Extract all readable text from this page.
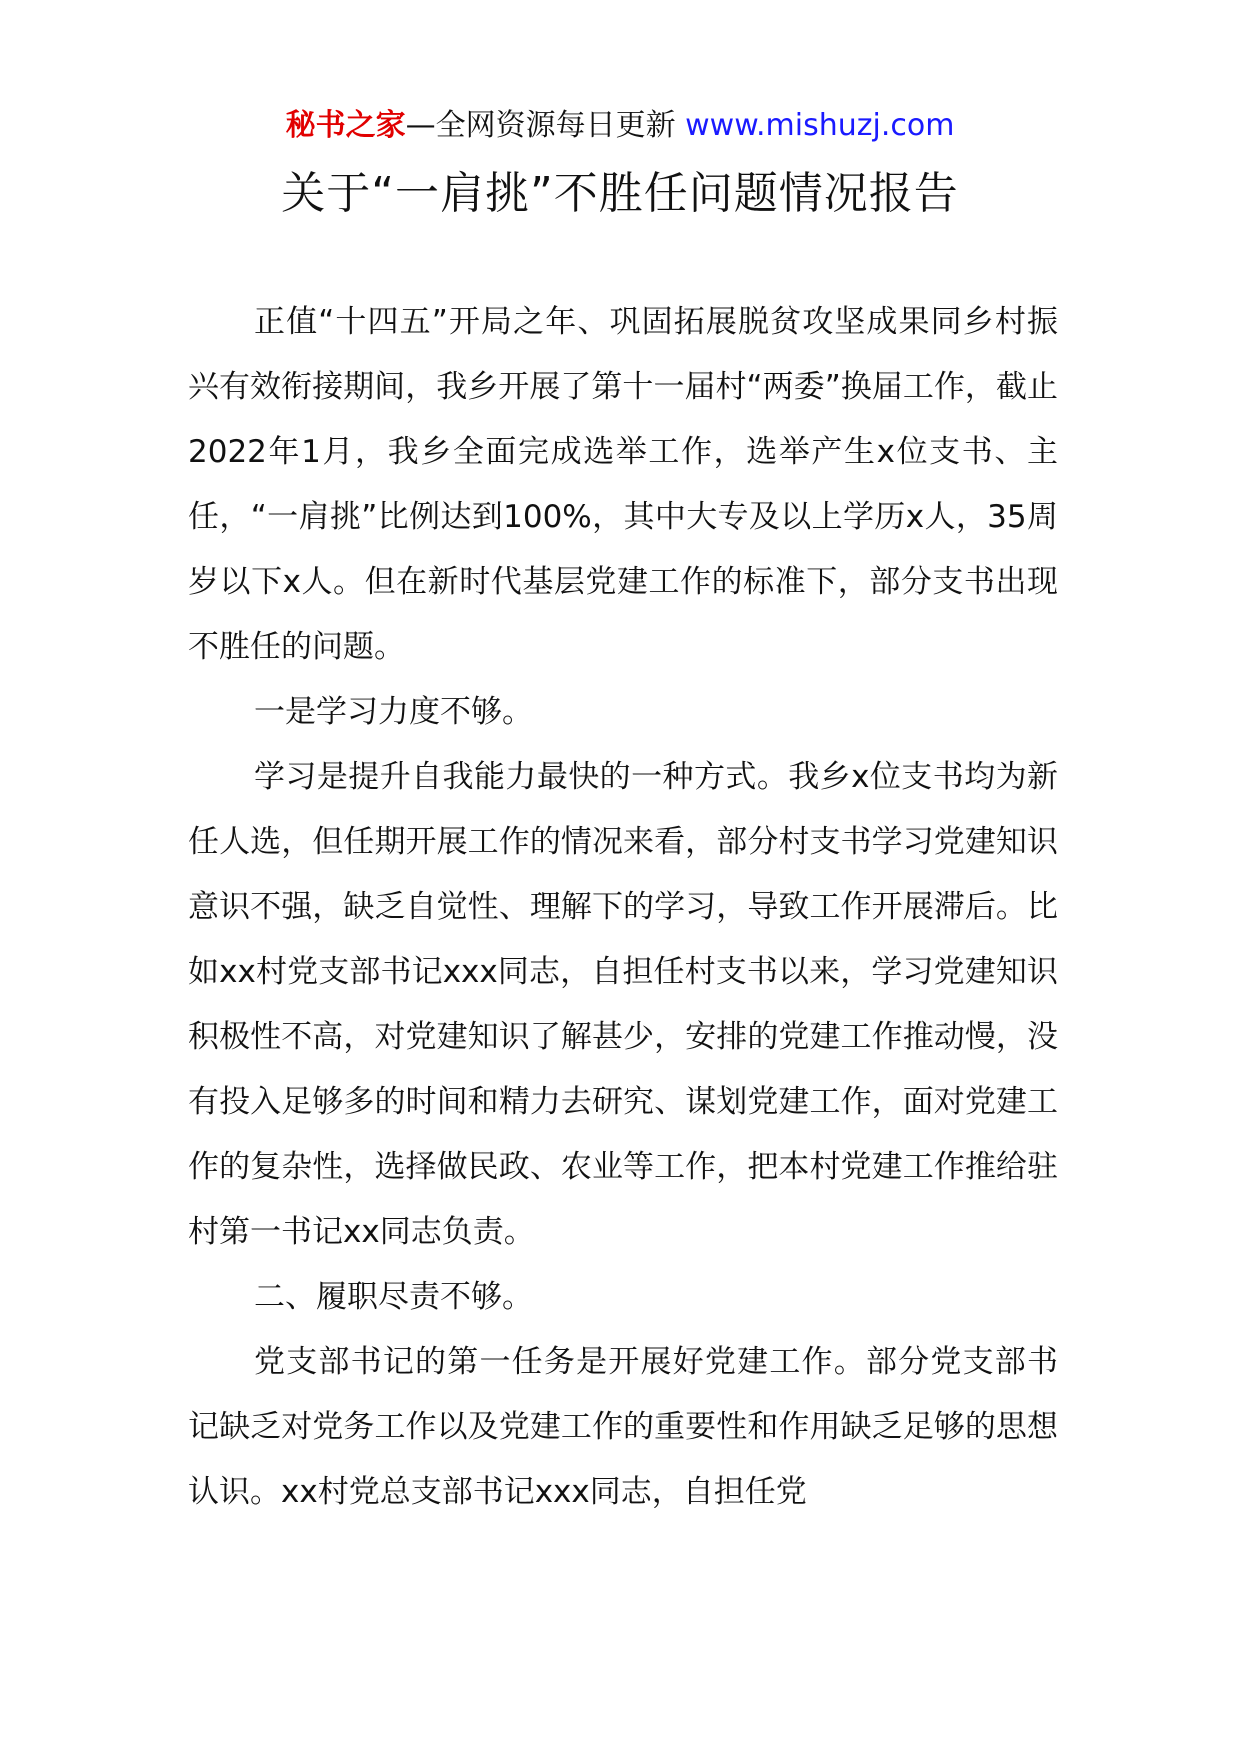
秘书之家—全网资源每日更新 www.mishuzj.com
关于“一肩挑”不胜任问题情况报告

正值“十四五”开局之年、巩固拓展脱贫攻坚成果同乡村振兴有效衔接期间，我乡开展了第十一届村“两委”换届工作，截止2022年1月，我乡全面完成选举工作，选举产生x位支书、主任，“一肩挑”比例达到100%，其中大专及以上学历x人，35周岁以下x人。但在新时代基层党建工作的标准下，部分支书出现不胜任的问题。

一是学习力度不够。

学习是提升自我能力最快的一种方式。我乡x位支书均为新任人选，但任期开展工作的情况来看，部分村支书学习党建知识意识不强，缺乏自觉性、理解下的学习，导致工作开展滞后。比如xx村党支部书记xxx同志，自担任村支书以来，学习党建知识积极性不高，对党建知识了解甚少，安排的党建工作推动慢，没有投入足够多的时间和精力去研究、谋划党建工作，面对党建工作的复杂性，选择做民政、农业等工作，把本村党建工作推给驻村第一书记xx同志负责。

二、履职尽责不够。

党支部书记的第一任务是开展好党建工作。部分党支部书记缺乏对党务工作以及党建工作的重要性和作用缺乏足够的思想认识。xx村党总支部书记xxx同志，自担任党
